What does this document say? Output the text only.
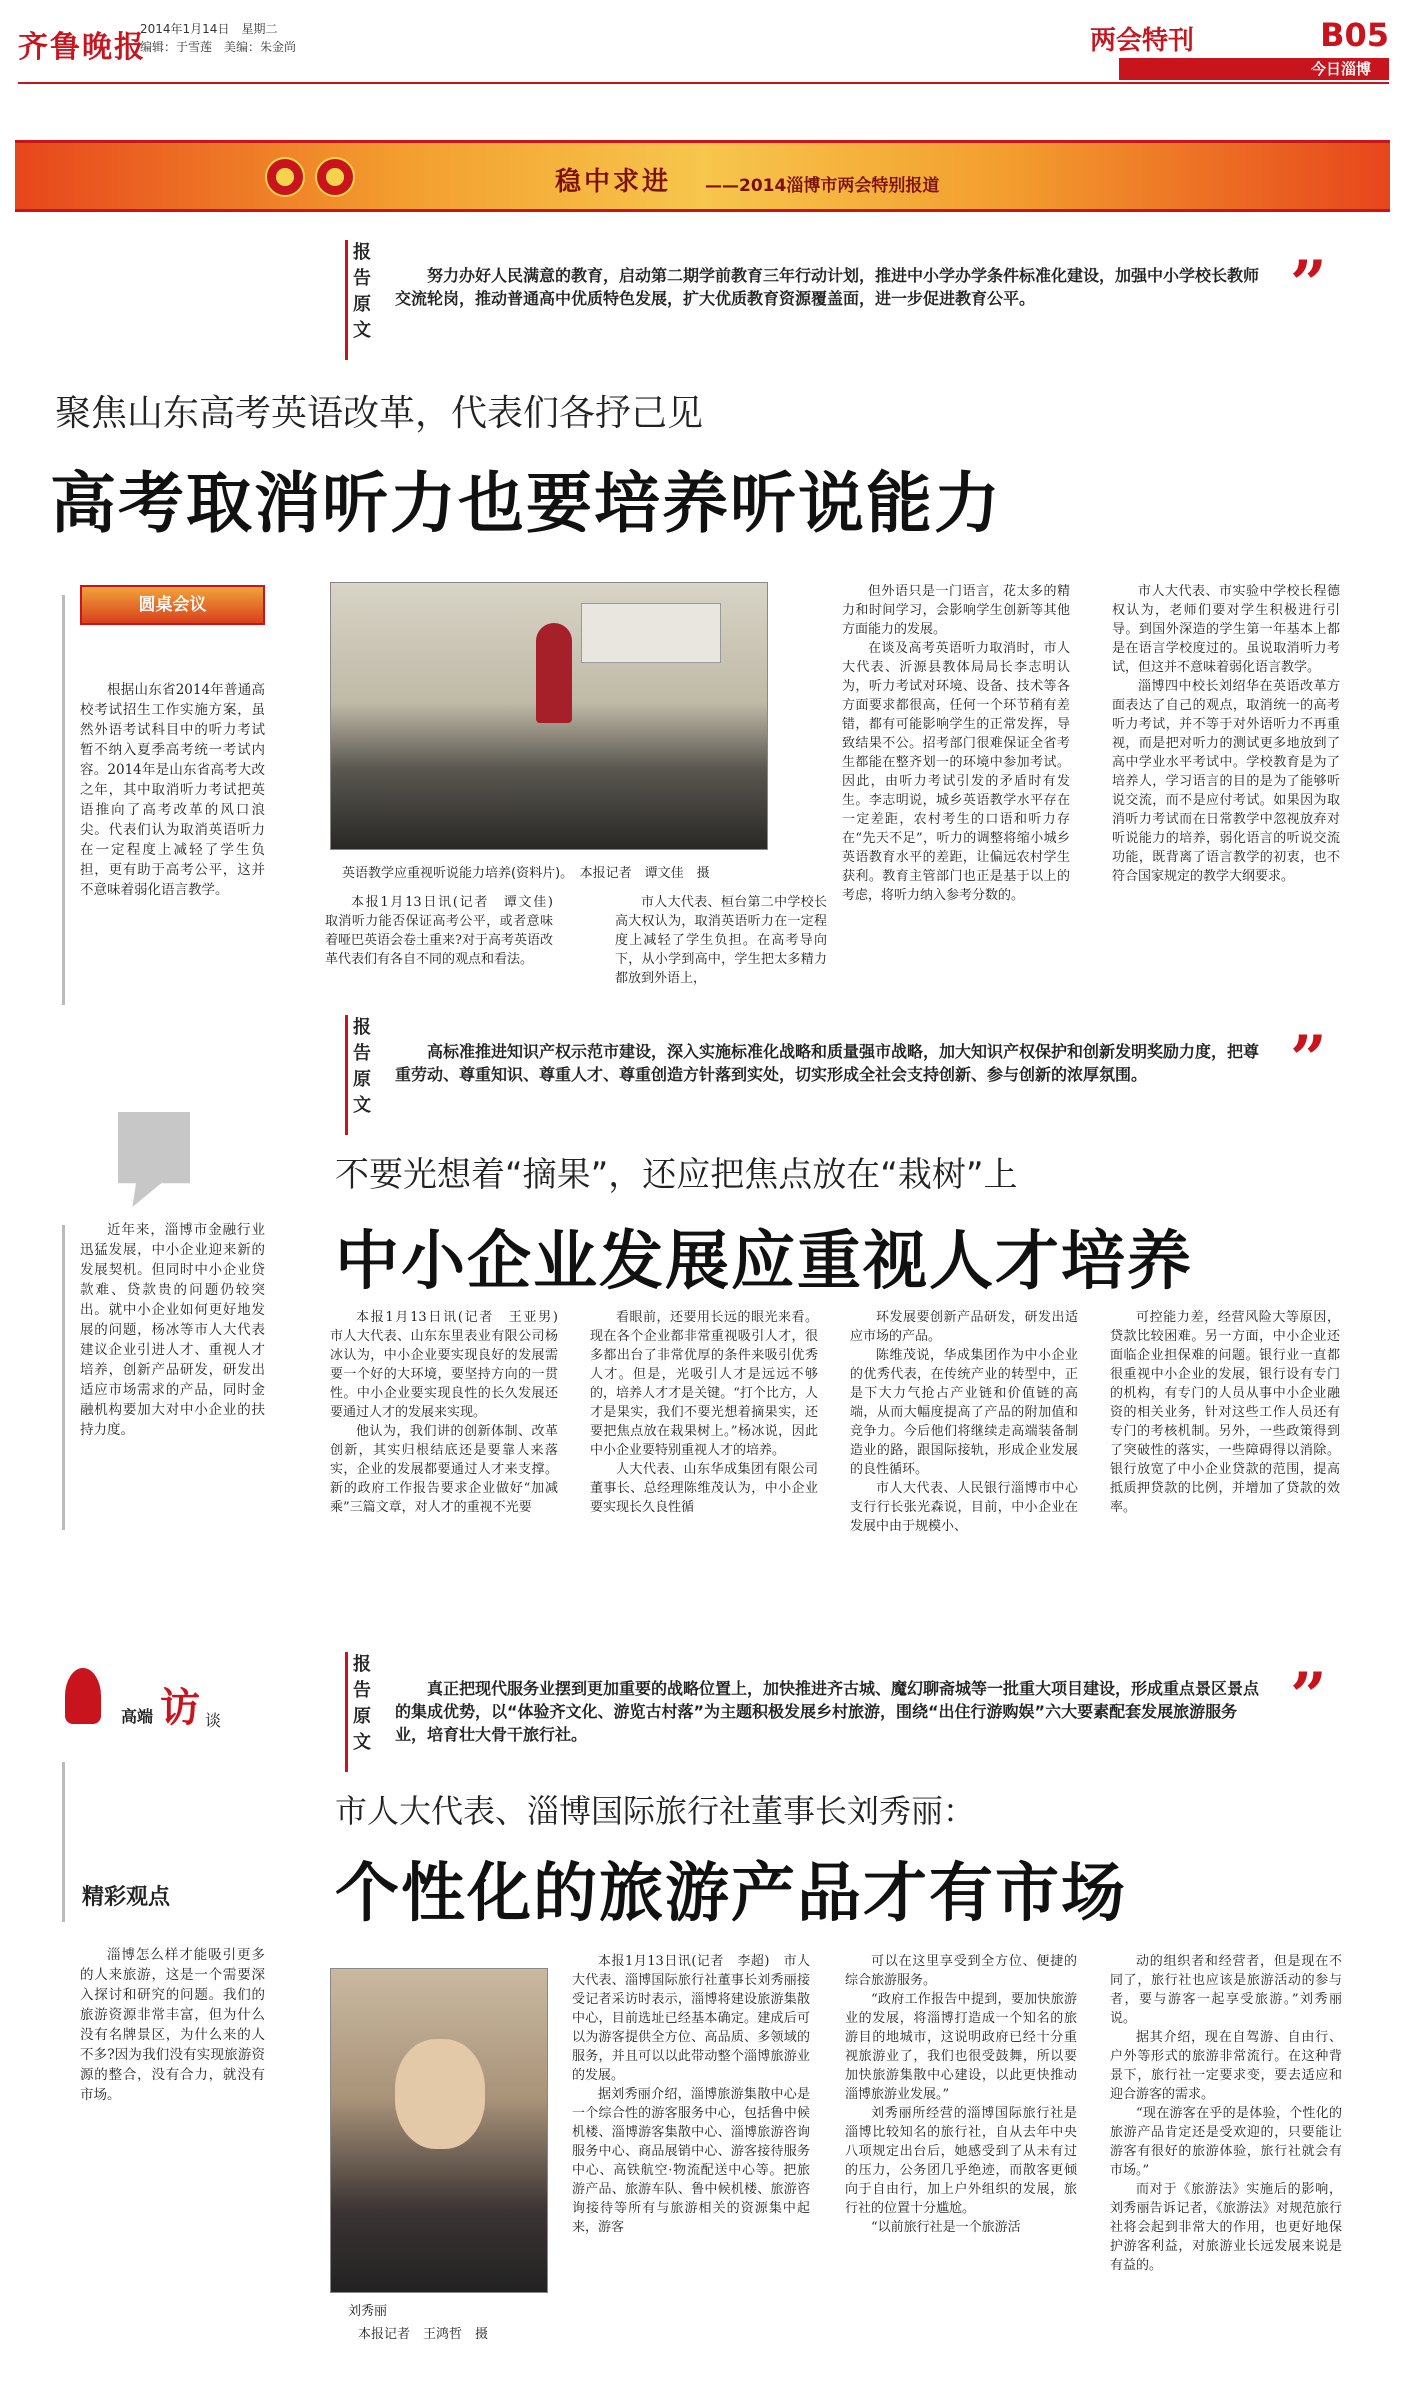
齐鲁晚报
2014年1月14日　星期二
编辑：于雪莲　美编：朱金尚	两会特刊	B05
今日淄博
稳中求进 ——2014淄博市两会特别报道
报告原文
努力办好人民满意的教育，启动第二期学前教育三年行动计划，推进中小学办学条件标准化建设，加强中小学校长教师交流轮岗，推动普通高中优质特色发展，扩大优质教育资源覆盖面，进一步促进教育公平。	”
聚焦山东高考英语改革，代表们各抒己见
高考取消听力也要培养听说能力
圆桌会议
根据山东省2014年普通高校考试招生工作实施方案，虽然外语考试科目中的听力考试暂不纳入夏季高考统一考试内容。2014年是山东省高考大改之年，其中取消听力考试把英语推向了高考改革的风口浪尖。代表们认为取消英语听力在一定程度上减轻了学生负担，更有助于高考公平，这并不意味着弱化语言教学。
英语教学应重视听说能力培养(资料片)。　本报记者　谭文佳　摄

本报1月13日讯(记者　谭文佳)　取消听力能否保证高考公平，或者意味着哑巴英语会卷土重来?对于高考英语改革代表们有各自不同的观点和看法。

市人大代表、桓台第二中学校长高大权认为，取消英语听力在一定程度上减轻了学生负担。在高考导向下，从小学到高中，学生把太多精力都放到外语上，

但外语只是一门语言，花太多的精力和时间学习，会影响学生创新等其他方面能力的发展。

在谈及高考英语听力取消时，市人大代表、沂源县教体局局长李志明认为，听力考试对环境、设备、技术等各方面要求都很高，任何一个环节稍有差错，都有可能影响学生的正常发挥，导致结果不公。招考部门很难保证全省考生都能在整齐划一的环境中参加考试。因此，由听力考试引发的矛盾时有发生。李志明说，城乡英语教学水平存在一定差距，农村考生的口语和听力存在“先天不足”，听力的调整将缩小城乡英语教育水平的差距，让偏远农村学生获利。教育主管部门也正是基于以上的考虑，将听力纳入参考分数的。

市人大代表、市实验中学校长程德权认为，老师们要对学生积极进行引导。到国外深造的学生第一年基本上都是在语言学校度过的。虽说取消听力考试，但这并不意味着弱化语言教学。

淄博四中校长刘绍华在英语改革方面表达了自己的观点，取消统一的高考听力考试，并不等于对外语听力不再重视，而是把对听力的测试更多地放到了高中学业水平考试中。学校教育是为了培养人，学习语言的目的是为了能够听说交流，而不是应付考试。如果因为取消听力考试而在日常教学中忽视放弃对听说能力的培养，弱化语言的听说交流功能，既背离了语言教学的初衷，也不符合国家规定的教学大纲要求。

报告原文
高标准推进知识产权示范市建设，深入实施标准化战略和质量强市战略，加大知识产权保护和创新发明奖励力度，把尊重劳动、尊重知识、尊重人才、尊重创造方针落到实处，切实形成全社会支持创新、参与创新的浓厚氛围。	”
近年来，淄博市金融行业迅猛发展，中小企业迎来新的发展契机。但同时中小企业贷款难、贷款贵的问题仍较突出。就中小企业如何更好地发展的问题，杨冰等市人大代表建议企业引进人才、重视人才培养，创新产品研发，研发出适应市场需求的产品，同时金融机构要加大对中小企业的扶持力度。
不要光想着“摘果”，还应把焦点放在“栽树”上
中小企业发展应重视人才培养

本报1月13日讯(记者　王亚男)　市人大代表、山东东里表业有限公司杨冰认为，中小企业要实现良好的发展需要一个好的大环境，要坚持方向的一贯性。中小企业要实现良性的长久发展还要通过人才的发展来实现。

他认为，我们讲的创新体制、改革创新，其实归根结底还是要靠人来落实，企业的发展都要通过人才来支撑。新的政府工作报告要求企业做好“加减乘”三篇文章，对人才的重视不光要

看眼前，还要用长远的眼光来看。现在各个企业都非常重视吸引人才，很多都出台了非常优厚的条件来吸引优秀人才。但是，光吸引人才是远远不够的，培养人才才是关键。“打个比方，人才是果实，我们不要光想着摘果实，还要把焦点放在栽果树上。”杨冰说，因此中小企业要特别重视人才的培养。

人大代表、山东华成集团有限公司董事长、总经理陈维茂认为，中小企业要实现长久良性循

环发展要创新产品研发，研发出适应市场的产品。

陈维茂说，华成集团作为中小企业的优秀代表，在传统产业的转型中，正是下大力气抢占产业链和价值链的高端，从而大幅度提高了产品的附加值和竞争力。今后他们将继续走高端装备制造业的路，跟国际接轨，形成企业发展的良性循环。

市人大代表、人民银行淄博市中心支行行长张光森说，目前，中小企业在发展中由于规模小、

可控能力差，经营风险大等原因，贷款比较困难。另一方面，中小企业还面临企业担保难的问题。银行业一直都很重视中小企业的发展，银行设有专门的机构，有专门的人员从事中小企业融资的相关业务，针对这些工作人员还有专门的考核机制。另外，一些政策得到了突破性的落实，一些障碍得以消除。银行放宽了中小企业贷款的范围，提高抵质押贷款的比例，并增加了贷款的效率。

报告原文
真正把现代服务业摆到更加重要的战略位置上，加快推进齐古城、魔幻聊斋城等一批重大项目建设，形成重点景区景点的集成优势，以“体验齐文化、游览古村落”为主题积极发展乡村旅游，围绕“出住行游购娱”六大要素配套发展旅游服务业，培育壮大骨干旅行社。
”
高端 访 谈
精彩观点
淄博怎么样才能吸引更多的人来旅游，这是一个需要深入探讨和研究的问题。我们的旅游资源非常丰富，但为什么没有名牌景区，为什么来的人不多?因为我们没有实现旅游资源的整合，没有合力，就没有市场。
市人大代表、淄博国际旅行社董事长刘秀丽：
个性化的旅游产品才有市场
刘秀丽
本报记者　王鸿哲　摄

本报1月13日讯(记者　李超)　市人大代表、淄博国际旅行社董事长刘秀丽接受记者采访时表示，淄博将建设旅游集散中心，目前选址已经基本确定。建成后可以为游客提供全方位、高品质、多领域的服务，并且可以以此带动整个淄博旅游业的发展。

据刘秀丽介绍，淄博旅游集散中心是一个综合性的游客服务中心，包括鲁中候机楼、淄博游客集散中心、淄博旅游咨询服务中心、商品展销中心、游客接待服务中心、高铁航空·物流配送中心等。把旅游产品、旅游车队、鲁中候机楼、旅游咨询接待等所有与旅游相关的资源集中起来，游客

可以在这里享受到全方位、便捷的综合旅游服务。

“政府工作报告中提到，要加快旅游业的发展，将淄博打造成一个知名的旅游目的地城市，这说明政府已经十分重视旅游业了，我们也很受鼓舞，所以要加快旅游集散中心建设，以此更快推动淄博旅游业发展。”

刘秀丽所经营的淄博国际旅行社是淄博比较知名的旅行社，自从去年中央八项规定出台后，她感受到了从未有过的压力，公务团几乎绝迹，而散客更倾向于自由行，加上户外组织的发展，旅行社的位置十分尴尬。

“以前旅行社是一个旅游活

动的组织者和经营者，但是现在不同了，旅行社也应该是旅游活动的参与者，要与游客一起享受旅游。”刘秀丽说。

据其介绍，现在自驾游、自由行、户外等形式的旅游非常流行。在这种背景下，旅行社一定要求变，要去适应和迎合游客的需求。

“现在游客在乎的是体验，个性化的旅游产品肯定还是受欢迎的，只要能让游客有很好的旅游体验，旅行社就会有市场。”

而对于《旅游法》实施后的影响，刘秀丽告诉记者，《旅游法》对规范旅行社将会起到非常大的作用，也更好地保护游客利益，对旅游业长远发展来说是有益的。
